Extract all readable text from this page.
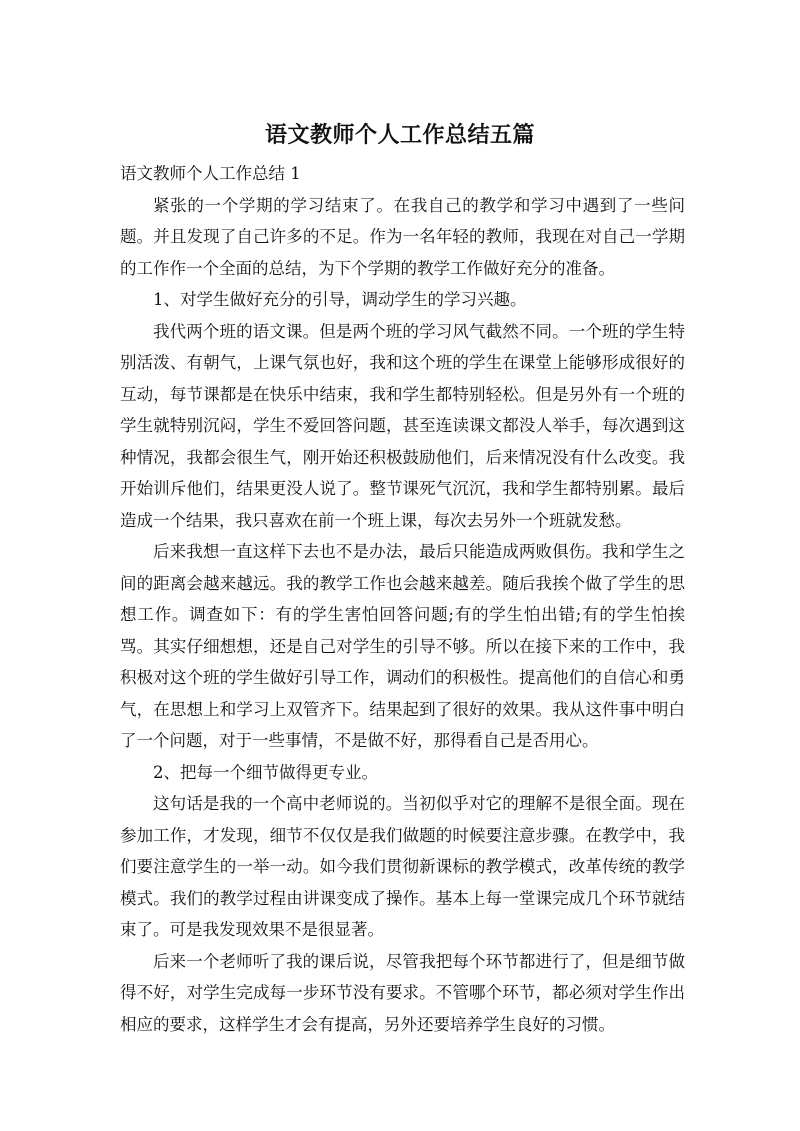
语文教师个人工作总结五篇

语文教师个人工作总结 1

紧张的一个学期的学习结束了。在我自己的教学和学习中遇到了一些问题。并且发现了自己许多的不足。作为一名年轻的教师，我现在对自己一学期的工作作一个全面的总结，为下个学期的教学工作做好充分的准备。

1、对学生做好充分的引导，调动学生的学习兴趣。

我代两个班的语文课。但是两个班的学习风气截然不同。一个班的学生特别活泼、有朝气，上课气氛也好，我和这个班的学生在课堂上能够形成很好的互动，每节课都是在快乐中结束，我和学生都特别轻松。但是另外有一个班的学生就特别沉闷，学生不爱回答问题，甚至连读课文都没人举手，每次遇到这种情况，我都会很生气，刚开始还积极鼓励他们，后来情况没有什么改变。我开始训斥他们，结果更没人说了。整节课死气沉沉，我和学生都特别累。最后造成一个结果，我只喜欢在前一个班上课，每次去另外一个班就发愁。

后来我想一直这样下去也不是办法，最后只能造成两败俱伤。我和学生之间的距离会越来越远。我的教学工作也会越来越差。随后我挨个做了学生的思想工作。调查如下：有的学生害怕回答问题;有的学生怕出错;有的学生怕挨骂。其实仔细想想，还是自己对学生的引导不够。所以在接下来的工作中，我积极对这个班的学生做好引导工作，调动们的积极性。提高他们的自信心和勇气，在思想上和学习上双管齐下。结果起到了很好的效果。我从这件事中明白了一个问题，对于一些事情，不是做不好，那得看自己是否用心。

2、把每一个细节做得更专业。

这句话是我的一个高中老师说的。当初似乎对它的理解不是很全面。现在参加工作，才发现，细节不仅仅是我们做题的时候要注意步骤。在教学中，我们要注意学生的一举一动。如今我们贯彻新课标的教学模式，改革传统的教学模式。我们的教学过程由讲课变成了操作。基本上每一堂课完成几个环节就结束了。可是我发现效果不是很显著。

后来一个老师听了我的课后说，尽管我把每个环节都进行了，但是细节做得不好，对学生完成每一步环节没有要求。不管哪个环节，都必须对学生作出相应的要求，这样学生才会有提高，另外还要培养学生良好的习惯。
